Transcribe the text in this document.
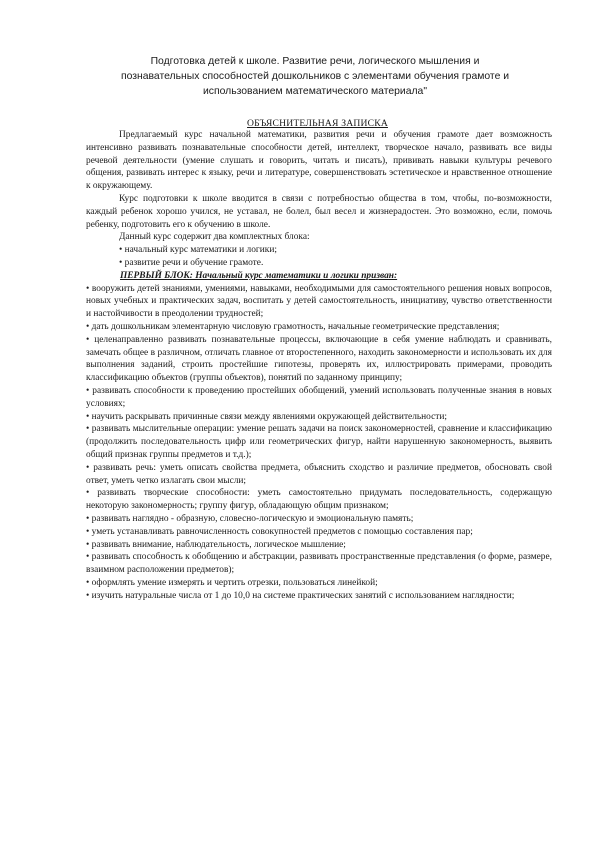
Подготовка детей к школе. Развитие речи, логического мышления и
познавательных способностей дошкольников с элементами обучения грамоте и
использованием математического материала"
ОБЪЯСНИТЕЛЬНАЯ ЗАПИСКА

Предлагаемый курс начальной математики, развития речи и обучения грамоте дает возможность интенсивно развивать познавательные способности детей, интеллект, творческое начало, развивать все виды речевой деятельности (умение слушать и говорить, читать и писать), прививать навыки культуры речевого общения, развивать интерес к языку, речи и литературе, совершенствовать эстетическое и нравственное отношение к окружающему.

Курс подготовки к школе вводится в связи с потребностью общества в том, чтобы, по-возможности, каждый ребенок хорошо учился, не уставал, не болел, был весел и жизнерадостен. Это возможно, если, помочь ребенку, подготовить его к обучению в школе.

Данный курс содержит два комплектных блока:

• начальный курс математики и логики;
• развитие речи и обучение грамоте.

ПЕРВЫЙ БЛОК: Начальный курс математики и логики призван:

• вооружить детей знаниями, умениями, навыками, необходимыми для самостоятельного решения новых вопросов, новых учебных и практических задач, воспитать у детей самостоятельность, инициативу, чувство ответственности и настойчивости в преодолении трудностей;
• дать дошкольникам элементарную числовую грамотность, начальные геометрические представления;
• целенаправленно развивать познавательные процессы, включающие в себя умение наблюдать и сравнивать, замечать общее в различном, отличать главное от второстепенного, находить закономерности и использовать их для выполнения заданий, строить простейшие гипотезы, проверять их, иллюстрировать примерами, проводить классификацию объектов (группы объектов), понятий по заданному принципу;
• развивать способности к проведению простейших обобщений, умений использовать полученные знания в новых условиях;
• научить раскрывать причинные связи между явлениями окружающей действительности;
• развивать мыслительные операции: умение решать задачи на поиск закономерностей, сравнение и классификацию (продолжить последовательность цифр или геометрических фигур, найти нарушенную закономерность, выявить общий признак группы предметов и т.д.);
• развивать речь: уметь описать свойства предмета, объяснить сходство и различие предметов, обосновать свой ответ, уметь четко излагать свои мысли;
• развивать творческие способности: уметь самостоятельно придумать последовательность, содержащую некоторую закономерность; группу фигур, обладающую общим признаком;
• развивать наглядно - образную, словесно-логическую и эмоциональную память;
• уметь устанавливать равночисленность совокупностей предметов с помощью составления пар;
• развивать внимание, наблюдательность, логическое мышление;
• развивать способность к обобщению и абстракции, развивать пространственные представления (о форме, размере, взаимном расположении предметов);
• оформлять умение измерять и чертить отрезки, пользоваться линейкой;
• изучить натуральные числа от 1 до 10,0 на системе практических занятий с использованием наглядности;
